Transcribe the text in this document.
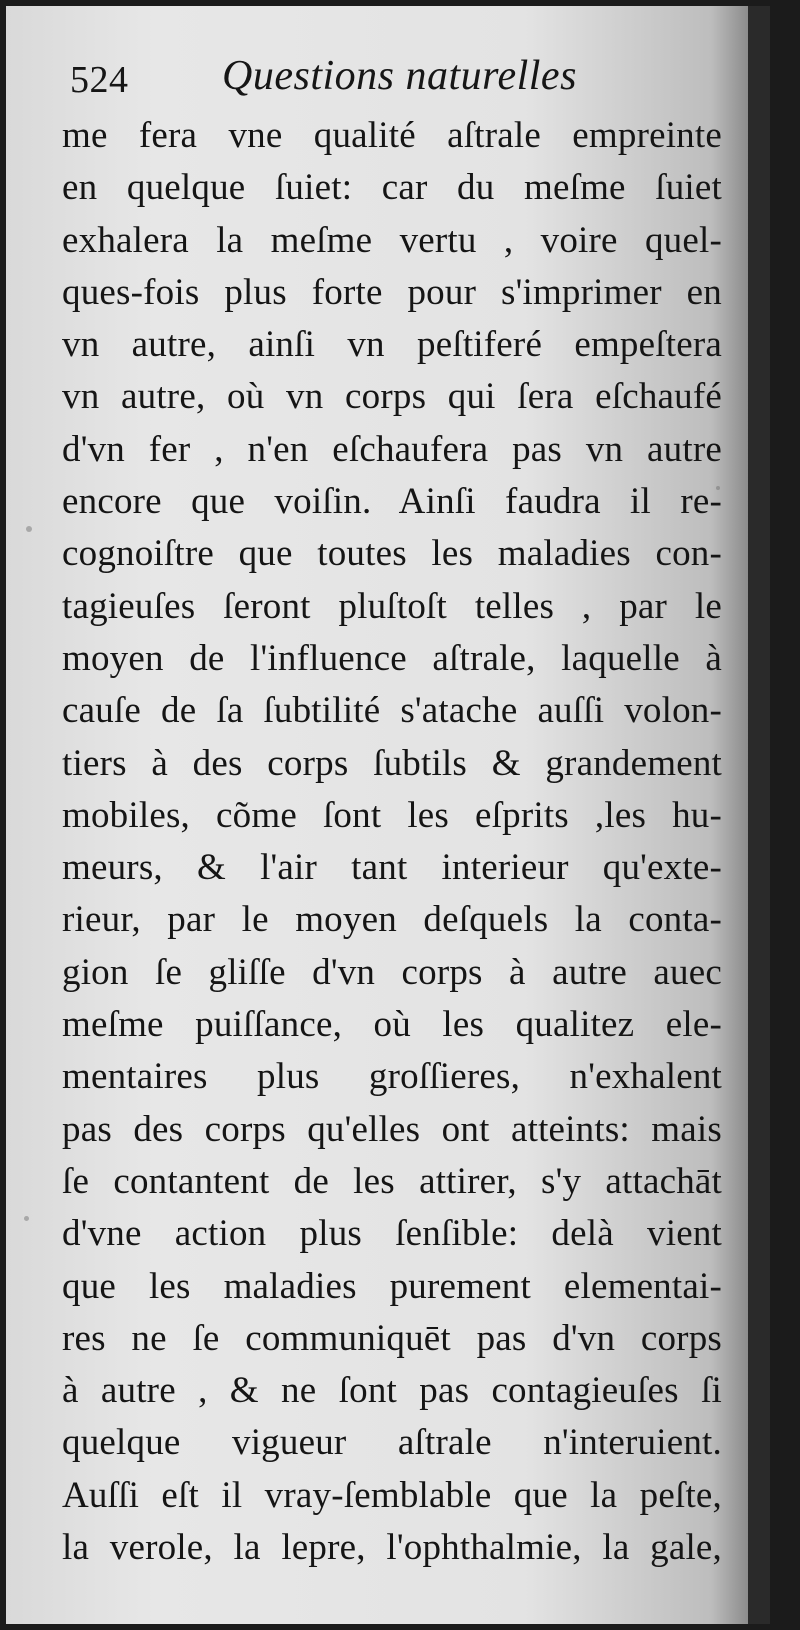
524 Questions naturelles
me fera vne qualité aſtrale empreinte
en quelque ſuiet: car du meſme ſuiet
exhalera la meſme vertu , voire quel-
ques-fois plus forte pour s'imprimer en
vn autre, ainſi vn peſtiferé empeſtera
vn autre, où vn corps qui ſera eſchaufé
d'vn fer , n'en eſchaufera pas vn autre
encore que voiſin. Ainſi faudra il re-
cognoiſtre que toutes les maladies con-
tagieuſes ſeront pluſtoſt telles , par le
moyen de l'influence aſtrale, laquelle à
cauſe de ſa ſubtilité s'atache auſſi volon-
tiers à des corps ſubtils & grandement
mobiles, cõme ſont les eſprits ,les hu-
meurs, & l'air tant interieur qu'exte-
rieur, par le moyen deſquels la conta-
gion ſe gliſſe d'vn corps à autre auec
meſme puiſſance, où les qualitez ele-
mentaires plus groſſieres, n'exhalent
pas des corps qu'elles ont atteints: mais
ſe contantent de les attirer, s'y attachāt
d'vne action plus ſenſible: delà vient
que les maladies purement elementai-
res ne ſe communiquēt pas d'vn corps
à autre , & ne ſont pas contagieuſes ſi
quelque vigueur aſtrale n'interuient.
Auſſi eſt il vray-ſemblable que la peſte,
la verole, la lepre, l'ophthalmie, la gale,
